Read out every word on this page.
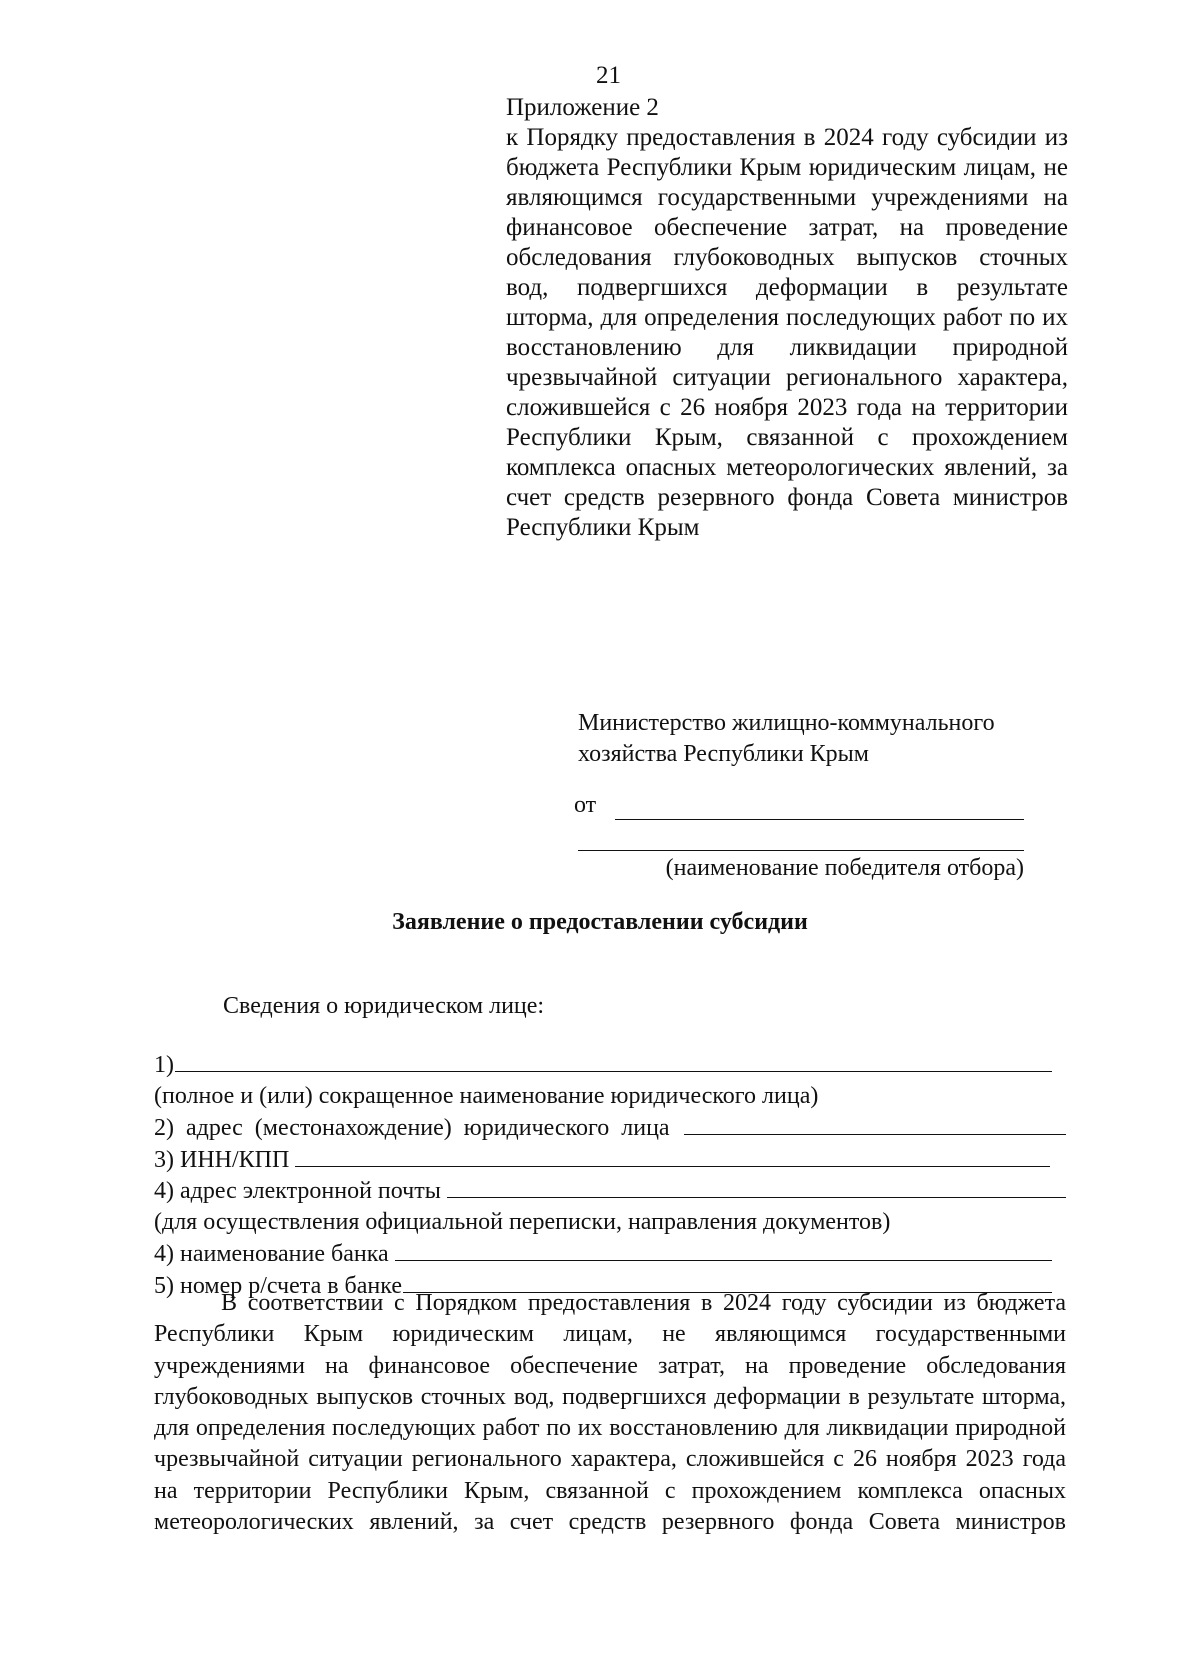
21
Приложение 2
к Порядку предоставления в 2024 году субсидии из бюджета Республики Крым юридическим лицам, не являющимся государственными учреждениями на финансовое обеспечение затрат, на проведение обследования глубоководных выпусков сточных вод, подвергшихся деформации в результате шторма, для определения последующих работ по их восстановлению для ликвидации природной чрезвычайной ситуации регионального характера, сложившейся с 26 ноября 2023 года на территории Республики Крым, связанной с прохождением комплекса опасных метеорологических явлений, за счет средств резервного фонда Совета министров Республики Крым
Министерство жилищно-коммунального
хозяйства Республики Крым
от
(наименование победителя отбора)
Заявление о предоставлении субсидии
Сведения о юридическом лице:
1)
(полное и (или) сокращенное наименование юридического лица)
2) адрес (местонахождение) юридического лица
3) ИНН/КПП
4) адрес электронной почты
(для осуществления официальной переписки, направления документов)
4) наименование банка
5) номер р/счета в банке
В соответствии с Порядком предоставления в 2024 году субсидии из бюджета Республики Крым юридическим лицам, не являющимся государственными учреждениями на финансовое обеспечение затрат, на проведение обследования глубоководных выпусков сточных вод, подвергшихся деформации в результате шторма, для определения последующих работ по их восстановлению для ликвидации природной чрезвычайной ситуации регионального характера, сложившейся с 26 ноября 2023 года на территории Республики Крым, связанной с прохождением комплекса опасных метеорологических явлений, за счет средств резервного фонда Совета министров
